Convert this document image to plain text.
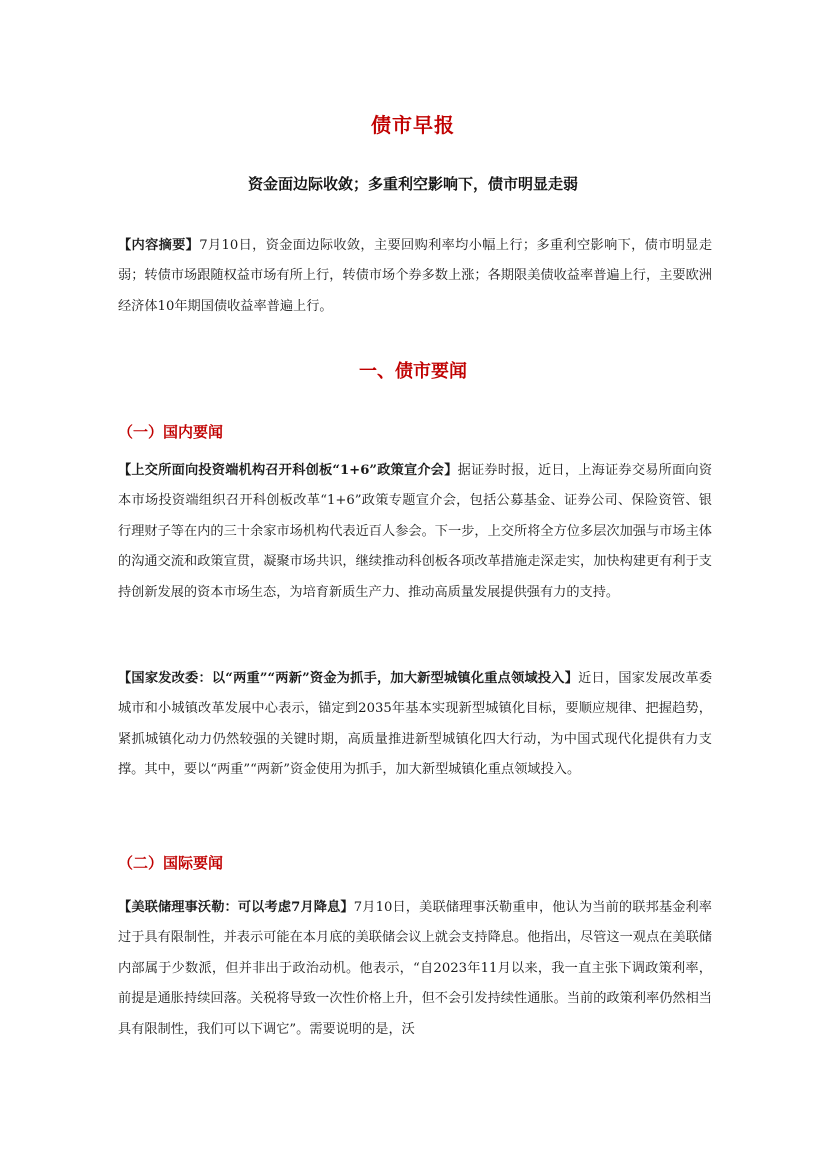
债市早报
资金面边际收敛；多重利空影响下，债市明显走弱
【内容摘要】7月10日，资金面边际收敛，主要回购利率均小幅上行；多重利空影响下，债市明显走弱；转债市场跟随权益市场有所上行，转债市场个券多数上涨；各期限美债收益率普遍上行，主要欧洲经济体10年期国债收益率普遍上行。
一、债市要闻
（一）国内要闻
【上交所面向投资端机构召开科创板“1+6”政策宣介会】据证券时报，近日，上海证券交易所面向资本市场投资端组织召开科创板改革“1+6”政策专题宣介会，包括公募基金、证券公司、保险资管、银行理财子等在内的三十余家市场机构代表近百人参会。下一步，上交所将全方位多层次加强与市场主体的沟通交流和政策宣贯，凝聚市场共识，继续推动科创板各项改革措施走深走实，加快构建更有利于支持创新发展的资本市场生态，为培育新质生产力、推动高质量发展提供强有力的支持。
【国家发改委：以“两重”“两新”资金为抓手，加大新型城镇化重点领域投入】近日，国家发展改革委城市和小城镇改革发展中心表示，锚定到2035年基本实现新型城镇化目标，要顺应规律、把握趋势，紧抓城镇化动力仍然较强的关键时期，高质量推进新型城镇化四大行动，为中国式现代化提供有力支撑。其中，要以“两重”“两新”资金使用为抓手，加大新型城镇化重点领域投入。
（二）国际要闻
【美联储理事沃勒：可以考虑7月降息】7月10日，美联储理事沃勒重申，他认为当前的联邦基金利率过于具有限制性，并表示可能在本月底的美联储会议上就会支持降息。他指出，尽管这一观点在美联储内部属于少数派，但并非出于政治动机。他表示，“自2023年11月以来，我一直主张下调政策利率，前提是通胀持续回落。关税将导致一次性价格上升，但不会引发持续性通胀。当前的政策利率仍然相当具有限制性，我们可以下调它”。需要说明的是，沃
